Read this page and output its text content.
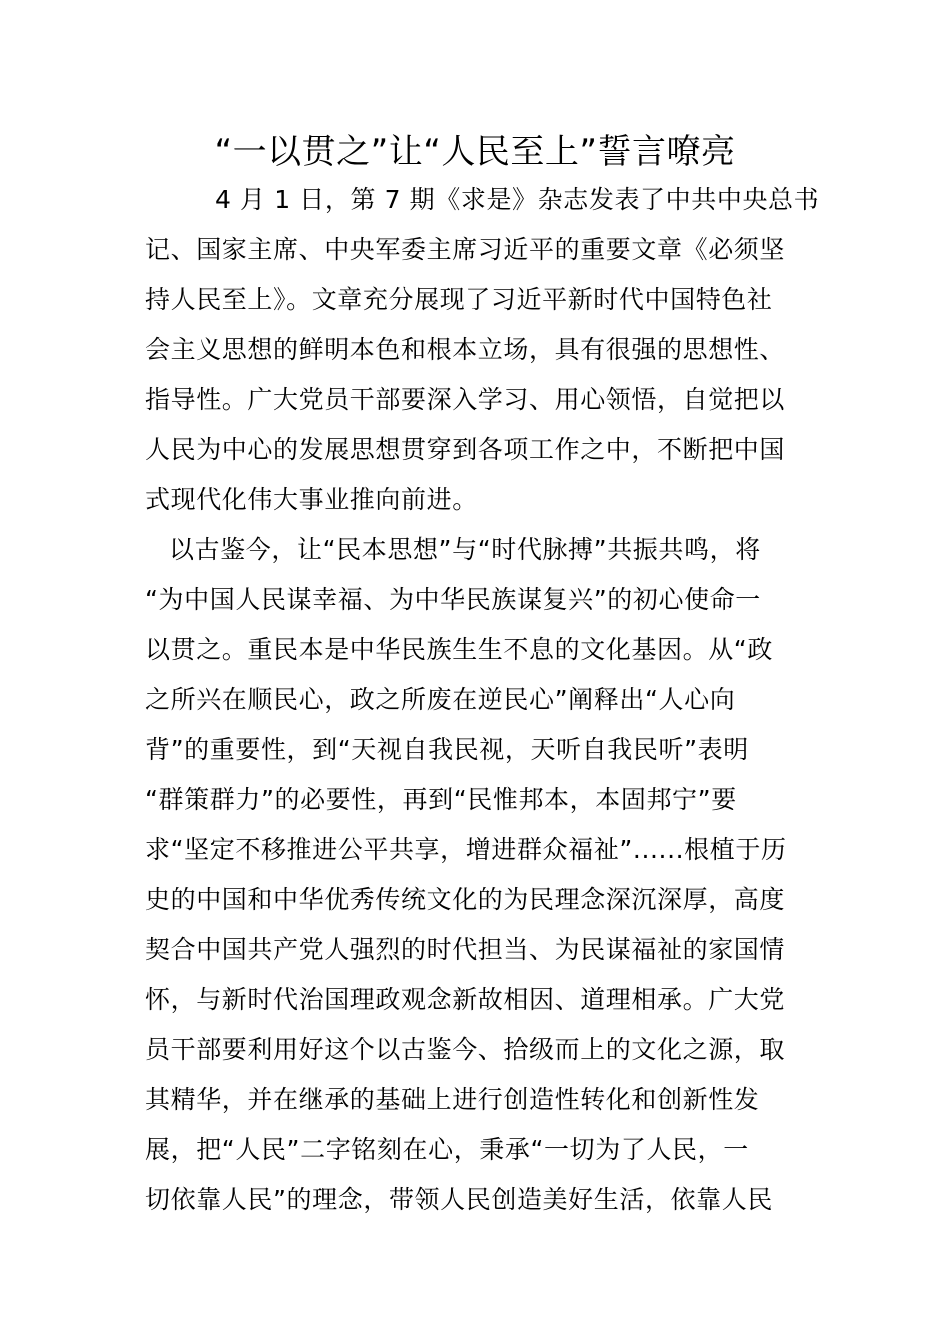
“一以贯之”让“人民至上”誓言嘹亮
4 月 1 日，第 7 期《求是》杂志发表了中共中央总书
记、国家主席、中央军委主席习近平的重要文章《必须坚
持人民至上》。文章充分展现了习近平新时代中国特色社
会主义思想的鲜明本色和根本立场，具有很强的思想性、
指导性。广大党员干部要深入学习、用心领悟，自觉把以
人民为中心的发展思想贯穿到各项工作之中，不断把中国
式现代化伟大事业推向前进。
以古鉴今，让“民本思想”与“时代脉搏”共振共鸣，将
“为中国人民谋幸福、为中华民族谋复兴”的初心使命一
以贯之。重民本是中华民族生生不息的文化基因。从“政
之所兴在顺民心，政之所废在逆民心”阐释出“人心向
背”的重要性，到“天视自我民视，天听自我民听”表明
“群策群力”的必要性，再到“民惟邦本，本固邦宁”要
求“坚定不移推进公平共享，增进群众福祉”......根植于历
史的中国和中华优秀传统文化的为民理念深沉深厚，高度
契合中国共产党人强烈的时代担当、为民谋福祉的家国情
怀，与新时代治国理政观念新故相因、道理相承。广大党
员干部要利用好这个以古鉴今、拾级而上的文化之源，取
其精华，并在继承的基础上进行创造性转化和创新性发
展，把“人民”二字铭刻在心，秉承“一切为了人民，一
切依靠人民”的理念，带领人民创造美好生活，依靠人民
